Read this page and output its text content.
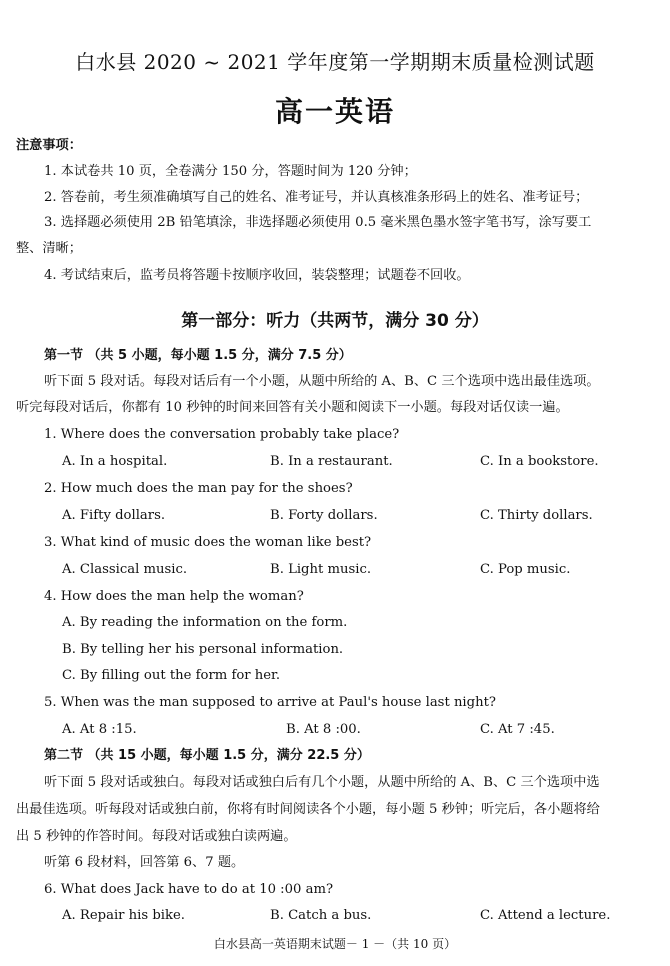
白水县 2020 ~ 2021 学年度第一学期期末质量检测试题
高一英语
注意事项：
1. 本试卷共 10 页，全卷满分 150 分，答题时间为 120 分钟；
2. 答卷前，考生须准确填写自己的姓名、准考证号，并认真核准条形码上的姓名、准考证号；
3. 选择题必须使用 2B 铅笔填涂，非选择题必须使用 0.5 毫米黑色墨水签字笔书写，涂写要工
整、清晰；
4. 考试结束后，监考员将答题卡按顺序收回，装袋整理；试题卷不回收。
第一部分：听力（共两节，满分 30 分）
第一节 （共 5 小题，每小题 1.5 分，满分 7.5 分）
听下面 5 段对话。每段对话后有一个小题，从题中所给的 A、B、C 三个选项中选出最佳选项。
听完每段对话后，你都有 10 秒钟的时间来回答有关小题和阅读下一小题。每段对话仅读一遍。
1. Where does the conversation probably take place?
A. In a hospital.	B. In a restaurant.	C. In a bookstore.
2. How much does the man pay for the shoes?
A. Fifty dollars.	B. Forty dollars.	C. Thirty dollars.
3. What kind of music does the woman like best?
A. Classical music.	B. Light music.	C. Pop music.
4. How does the man help the woman?
A. By reading the information on the form.
B. By telling her his personal information.
C. By filling out the form for her.
5. When was the man supposed to arrive at Paul's house last night?
A. At 8 :15.	B. At 8 :00.	C. At 7 :45.
第二节 （共 15 小题，每小题 1.5 分，满分 22.5 分）
听下面 5 段对话或独白。每段对话或独白后有几个小题，从题中所给的 A、B、C 三个选项中选
出最佳选项。听每段对话或独白前，你将有时间阅读各个小题，每小题 5 秒钟；听完后，各小题将给
出 5 秒钟的作答时间。每段对话或独白读两遍。
听第 6 段材料，回答第 6、7 题。
6. What does Jack have to do at 10 :00 am?
A. Repair his bike.	B. Catch a bus.	C. Attend a lecture.
白水县高一英语期末试题－ 1 －（共 10 页）
